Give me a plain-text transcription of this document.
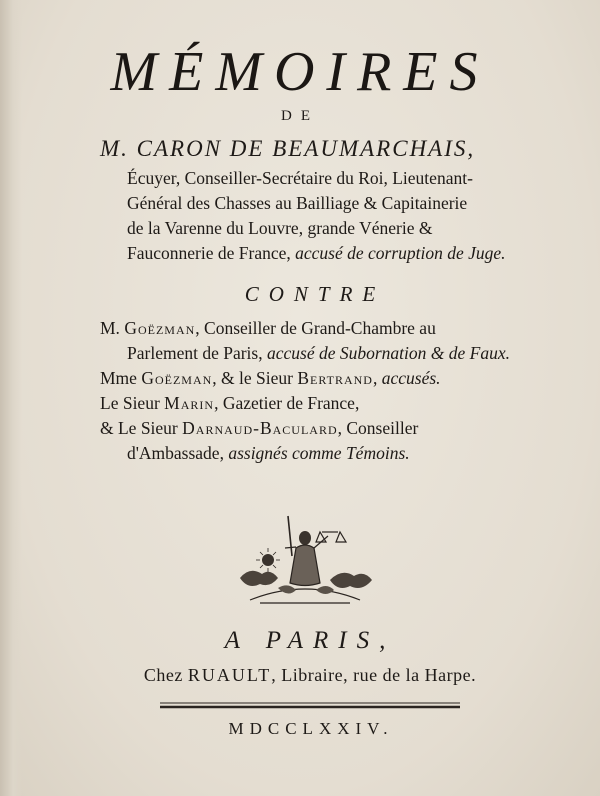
MÉMOIRES
DE
M. CARON DE BEAUMARCHAIS,
Écuyer, Conseiller-Secrétaire du Roi, Lieutenant-
Général des Chasses au Bailliage & Capitainerie
de la Varenne du Louvre, grande Vénerie &
Fauconnerie de France, accusé de corruption de Juge.
CONTRE
M. Goëzman, Conseiller de Grand-Chambre au
Parlement de Paris, accusé de Subornation & de Faux.
Mme Goëzman, & le Sieur Bertrand, accusés.
Le Sieur Marin, Gazetier de France,
& Le Sieur Darnaud-Baculard, Conseiller
d'Ambassade, assignés comme Témoins.
A PARIS,
Chez RUAULT, Libraire, rue de la Harpe.
MDCCLXXIV.
